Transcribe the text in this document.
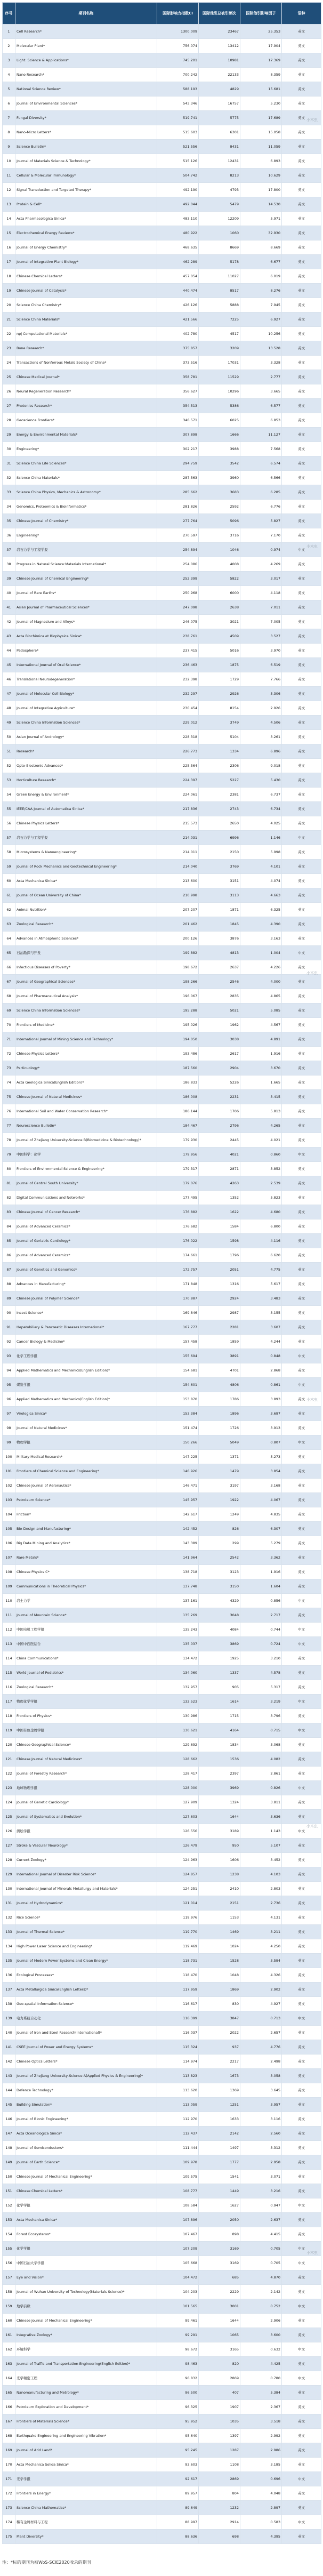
序号	期刊名称	国际影响力指数CI	国际他引总被引频次	国际他引影响因子	语种
1	Cell Research*	1300.009	23467	25.353	英文
2	Molecular Plant*	756.074	13412	17.904	英文
3	Light: Science & Applications*	745.201	10981	17.369	英文
4	Nano Research*	700.242	22133	8.359	英文
5	National Science Review*	588.193	4829	15.681	英文
6	Journal of Environmental Sciences*	543.346	16757	5.230	英文
7	Fungal Diversity*	519.741	5775	17.689	英文
8	Nano-Micro Letters*	515.603	6301	15.058	英文
9	Science Bulletin*	521.556	8431	11.059	英文
10	Journal of Materials Science & Technology*	515.126	12431	6.893	英文
11	Cellular & Molecular Immunology*	504.742	8213	10.629	英文
12	Signal Transduction and Targeted Therapy*	492.190	4793	17.800	英文
13	Protein & Cell*	492.044	5479	14.530	英文
14	Acta Pharmacologica Sinica*	483.110	12209	5.971	英文
15	Electrochemical Energy Reviews*	480.922	1060	32.930	英文
16	Journal of Energy Chemistry*	468.635	8669	8.669	英文
17	Journal of Integrative Plant Biology*	462.289	5178	6.677	英文
18	Chinese Chemical Letters*	457.054	11027	6.019	英文
19	Chinese Journal of Catalysis*	440.474	8517	8.276	英文
20	Science China Chemistry*	426.126	5888	7.945	英文
21	Science China Materials*	421.566	7225	6.927	英文
22	npj Computational Materials*	402.780	4517	10.256	英文
23	Bone Research*	375.857	3209	13.528	英文
24	Transactions of Nonferrous Metals Society of China*	373.516	17031	3.328	英文
25	Chinese Medical Journal*	358.781	11529	2.777	英文
26	Neural Regeneration Research*	356.627	10296	3.665	英文
27	Photonics Research*	354.513	5386	6.577	英文
28	Geoscience Frontiers*	346.571	6025	6.853	英文
29	Energy & Environmental Materials*	307.898	1666	11.127	英文
30	Engineering*	302.217	3988	7.568	英文
31	Science China Life Sciences*	294.759	3542	6.574	英文
32	Science China Materials*	287.563	3960	6.566	英文
33	Science China Physics, Mechanics & Astronomy*	285.662	3683	6.285	英文
34	Genomics, Proteomics & Bioinformatics*	281.826	2592	6.776	英文
35	Chinese Journal of Chemistry*	277.764	5096	5.827	英文
36	Engineering*	270.597	3716	7.170	英文
37	岩石力学与工程学报	254.894	1046	0.974	中文
38	Progress in Natural Science:Materials International*	254.086	4008	4.269	英文
39	Chinese Journal of Chemical Engineering*	252.399	5822	3.017	英文
40	Journal of Rare Earths*	250.968	6000	4.118	英文
41	Asian Journal of Pharmaceutical Sciences*	247.098	2638	7.011	英文
42	Journal of Magnesium and Alloys*	246.075	3021	7.005	英文
43	Acta Biochimica et Biophysica Sinica*	238.761	4509	3.527	英文
44	Pedosphere*	237.415	5016	3.970	英文
45	International Journal of Oral Science*	236.463	1875	6.519	英文
46	Translational Neurodegeneration*	232.398	1729	7.766	英文
47	Journal of Molecular Cell Biology*	232.297	2926	5.306	英文
48	Journal of Integrative Agriculture*	230.454	8154	2.926	英文
49	Science China Information Sciences*	229.012	3749	4.506	英文
50	Asian Journal of Andrology*	228.318	5104	3.261	英文
51	Research*	226.773	1334	6.896	英文
52	Opto-Electronic Advances*	225.564	2306	9.018	英文
53	Horticulture Research*	224.397	5227	5.430	英文
54	Green Energy & Environment*	224.061	2381	6.737	英文
55	IEEE/CAA Journal of Automatica Sinica*	217.836	2743	6.734	英文
56	Chinese Physics Letters*	215.573	2650	4.025	英文
57	岩石力学与工程学报	214.031	6996	1.146	中文
58	Microsystems & Nanoengineering*	214.011	2150	5.998	英文
59	Journal of Rock Mechanics and Geotechnical Engineering*	214.040	3769	4.101	英文
60	Acta Mechanica Sinica*	213.600	3151	4.074	英文
61	Journal of Ocean University of China*	210.998	3113	4.663	英文
62	Animal Nutrition*	207.207	1871	6.325	英文
63	Zoological Research*	201.462	1845	4.390	英文
64	Advances in Atmospheric Sciences*	200.126	3876	3.163	英文
65	石油勘探与开发	199.882	4813	1.004	中文
66	Infectious Diseases of Poverty*	198.672	2637	4.226	英文
67	Journal of Geographical Sciences*	198.266	2546	4.000	英文
68	Journal of Pharmaceutical Analysis*	196.067	2835	4.865	英文
69	Science China Information Sciences*	195.288	5021	5.085	英文
70	Frontiers of Medicine*	195.026	1962	4.567	英文
71	International Journal of Mining Science and Technology*	194.050	3038	4.891	英文
72	Chinese Physics Letters*	193.486	2617	1.916	英文
73	Particuology*	187.560	2904	3.670	英文
74	Acta Geologica Sinica(English Edition)*	186.833	5226	1.665	英文
75	Chinese Journal of Natural Medicines*	186.008	2231	3.415	英文
76	International Soil and Water Conservation Research*	186.144	1706	5.813	英文
77	Neuroscience Bulletin*	184.467	2796	4.265	英文
78	Journal of Zhejiang University-Science B(Biomedicine & Biotechnology)*	179.930	2445	4.021	英文
79	中国科学：化学	179.956	4021	0.860	中文
80	Frontiers of Environmental Science & Engineering*	179.317	2871	3.852	英文
81	Journal of Central South University*	179.076	4263	2.539	英文
82	Digital Communications and Networks*	177.495	1352	5.823	英文
83	Chinese Journal of Cancer Research*	176.882	1622	4.680	英文
84	Journal of Advanced Ceramics*	176.682	1584	6.800	英文
85	Journal of Geriatric Cardiology*	176.022	1598	4.116	英文
86	Journal of Advanced Ceramics*	174.661	1796	6.620	英文
87	Journal of Genetics and Genomics*	172.757	2051	4.775	英文
88	Advances in Manufacturing*	171.848	1316	5.617	英文
89	Chinese Journal of Polymer Science*	170.887	2924	3.483	英文
90	Insect Science*	169.846	2987	3.155	英文
91	Hepatobiliary & Pancreatic Diseases International*	167.777	2281	3.607	英文
92	Cancer Biology & Medicine*	157.458	1859	4.244	英文
93	化学工程学报	155.694	3891	0.848	中文
94	Applied Mathematics and Mechanics(English Edition)*	154.681	4701	2.868	英文
95	煤炭学报	154.601	4806	0.861	中文
96	Applied Mathematics and Mechanics(English Edition)*	153.870	1786	3.893	英文
97	Virologica Sinica*	153.384	1896	3.697	英文
98	Journal of Natural Medicines*	151.474	1726	3.913	英文
99	物理学报	150.266	5049	0.807	中文
100	Military Medical Research*	147.225	1371	5.273	英文
101	Frontiers of Chemical Science and Engineering*	146.926	1479	3.854	英文
102	Chinese Journal of Aeronautics*	146.471	3197	3.168	英文
103	Petroleum Science*	145.957	1922	4.067	英文
104	Friction*	142.617	1249	4.835	英文
105	Bio-Design and Manufacturing*	142.452	826	6.307	英文
106	Big Data Mining and Analytics*	143.389	299	5.279	英文
107	Rare Metals*	141.964	2542	3.362	英文
108	Chinese Physics C*	138.718	3123	1.916	英文
109	Communications in Theoretical Physics*	137.748	3150	1.604	英文
110	岩土力学	137.161	4329	0.856	中文
111	Journal of Mountain Science*	135.269	3048	2.717	英文
112	中国电机工程学报	135.243	4084	0.744	中文
113	中国中西医结合	135.037	3869	0.724	中文
114	China Communications*	134.472	1925	3.210	英文
115	World Journal of Pediatrics*	134.060	1337	4.578	英文
116	Zoological Research*	132.957	905	5.317	英文
117	物理化学学报	132.523	1614	3.219	中文
118	Frontiers of Physics*	130.986	1715	3.796	英文
119	中国有色金属学报	130.621	4164	0.715	中文
120	Chinese Geographical Science*	129.692	1834	3.068	英文
121	Chinese Journal of Natural Medicines*	128.662	1536	4.082	英文
122	Journal of Forestry Research*	128.417	2397	2.861	英文
123	地球物理学报	128.000	3969	0.826	中文
124	Journal of Genetic Cardiology*	127.909	1324	3.811	英文
125	Journal of Systematics and Evolution*	127.603	1644	3.636	英文
126	测绘学报	126.556	3189	1.143	中文
127	Stroke & Vascular Neurology*	126.479	950	5.107	英文
128	Current Zoology*	124.963	1606	3.452	英文
129	International Journal of Disaster Risk Science*	124.857	1238	4.103	英文
130	International Journal of Minerals Metallurgy and Materials*	124.251	2410	2.803	英文
131	Journal of Hydrodynamics*	121.014	2151	2.736	英文
132	Rice Science*	119.976	1153	4.131	英文
133	Journal of Thermal Science*	119.770	1469	3.211	英文
134	High Power Laser Science and Engineering*	119.469	1024	4.250	英文
135	Journal of Modern Power Systems and Clean Energy*	118.731	1528	3.594	英文
136	Ecological Processes*	118.470	1048	4.326	英文
137	Acta Metallurgica Sinica(English Letters)*	117.959	1869	2.902	英文
138	Geo-spatial Information Science*	116.617	830	4.927	英文
139	电力系统自动化	116.399	3847	0.713	中文
140	Journal of Iron and Steel Research(International)*	116.037	2022	2.657	英文
141	CSEE Journal of Power and Energy Systems*	115.324	937	4.776	英文
142	Chinese Optics Letters*	114.974	2217	2.498	英文
143	Journal of Zhejiang University-Science A(Applied Physics & Engineering)*	113.823	1673	3.058	英文
144	Defence Technology*	113.620	1369	3.645	英文
145	Building Simulation*	113.059	1251	3.957	英文
146	Journal of Bionic Engineering*	112.970	1633	3.116	英文
147	Acta Oceanologica Sinica*	112.437	2142	2.560	英文
148	Journal of Semiconductors*	111.444	1497	3.312	英文
149	Journal of Earth Science*	109.978	1777	2.958	英文
150	Chinese Journal of Mechanical Engineering*	109.575	1541	3.071	英文
151	Chinese Chemical Letters*	108.777	1449	3.216	英文
152	化学学报	108.584	1627	0.947	中文
153	Acta Mechanica Sinica*	107.896	2050	2.637	英文
154	Forest Ecosystems*	107.467	898	4.415	英文
155	化学学报	107.209	3169	0.705	中文
156	中国石油大学学报	105.668	3169	0.705	中文
157	Eye and Vision*	104.472	685	4.870	英文
158	Journal of Wuhan University of Technology(Materials Science)*	104.203	2229	2.142	英文
159	地学前缘	101.565	3001	0.752	中文
160	Chinese Journal of Mechanical Engineering*	99.461	1644	2.906	英文
161	Integrative Zoology*	99.291	1065	3.600	英文
162	环境科学	98.672	3165	0.632	中文
163	Journal of Traffic and Transportation Engineering(English Edition)*	98.463	820	4.425	英文
164	光学精密工程	96.832	2869	0.780	中文
165	Nanomanufacturing and Metrology*	96.500	407	5.384	英文
166	Petroleum Exploration and Development*	96.325	1907	2.367	英文
167	Frontiers of Materials Science*	95.952	1035	3.518	英文
168	Earthquake Engineering and Engineering Vibration*	95.640	1397	2.992	英文
169	Journal of Arid Land*	95.245	1287	2.986	英文
170	Acta Mechanica Solida Sinica*	93.603	1108	3.185	英文
171	光学学报	92.617	2869	0.696	中文
172	Frontiers in Energy*	89.957	804	4.048	英文
173	Science China Mathematics*	89.649	1232	2.897	英文
174	稀有金属材料与工程	88.997	2914	0.583	中文
175	Plant Diversity*	88.636	698	4.395	英文
小木虫
小木虫
小木虫
小木虫
小木虫
小木虫
注：*标的期刊为被WoS-SCIE2020收录的期刊
